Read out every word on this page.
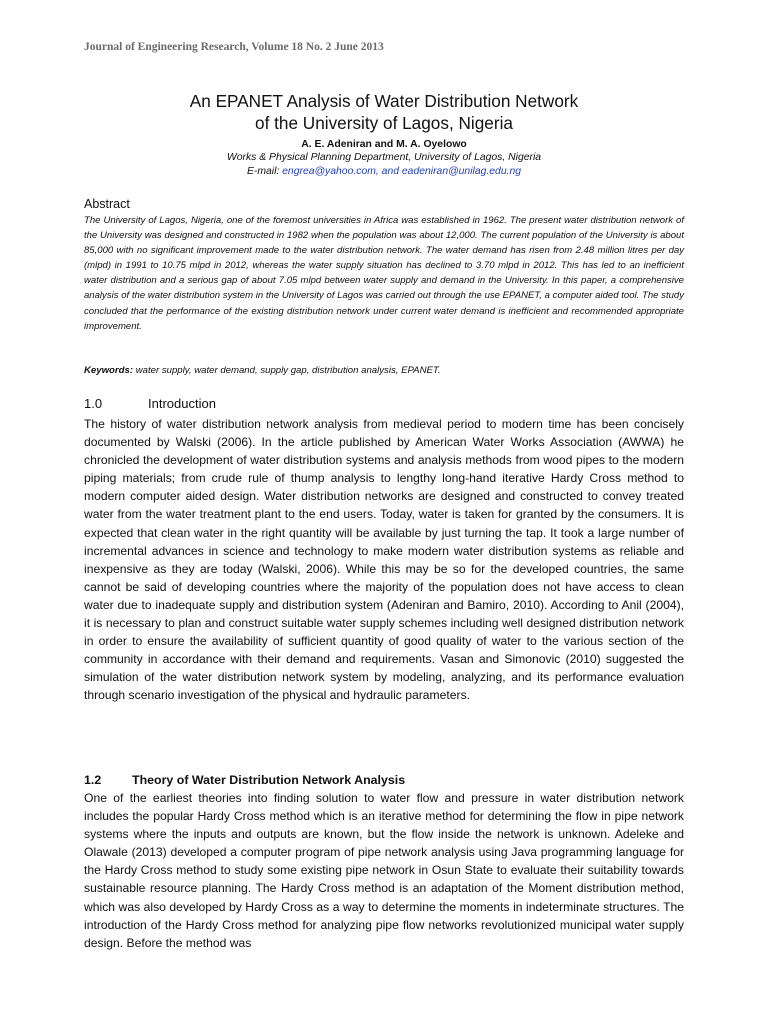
Journal of Engineering Research, Volume 18 No. 2 June 2013
An EPANET Analysis of Water Distribution Network
of the University of Lagos, Nigeria
A. E. Adeniran and M. A. Oyelowo
Works & Physical Planning Department, University of Lagos, Nigeria
E-mail: engrea@yahoo.com, and eadeniran@unilag.edu.ng
Abstract
The University of Lagos, Nigeria, one of the foremost universities in Africa was established in 1962. The present water distribution network of the University was designed and constructed in 1982 when the population was about 12,000. The current population of the University is about 85,000 with no significant improvement made to the water distribution network. The water demand has risen from 2.48 million litres per day (mlpd) in 1991 to 10.75 mlpd in 2012, whereas the water supply situation has declined to 3.70 mlpd in 2012. This has led to an inefficient water distribution and a serious gap of about 7.05 mlpd between water supply and demand in the University. In this paper, a comprehensive analysis of the water distribution system in the University of Lagos was carried out through the use EPANET, a computer aided tool. The study concluded that the performance of the existing distribution network under current water demand is inefficient and recommended appropriate improvement.
Keywords: water supply, water demand, supply gap, distribution analysis, EPANET.
1.0	Introduction
The history of water distribution network analysis from medieval period to modern time has been concisely documented by Walski (2006). In the article published by American Water Works Association (AWWA) he chronicled the development of water distribution systems and analysis methods from wood pipes to the modern piping materials; from crude rule of thump analysis to lengthy long-hand iterative Hardy Cross method to modern computer aided design. Water distribution networks are designed and constructed to convey treated water from the water treatment plant to the end users. Today, water is taken for granted by the consumers. It is expected that clean water in the right quantity will be available by just turning the tap. It took a large number of incremental advances in science and technology to make modern water distribution systems as reliable and inexpensive as they are today (Walski, 2006). While this may be so for the developed countries, the same cannot be said of developing countries where the majority of the population does not have access to clean water due to inadequate supply and distribution system (Adeniran and Bamiro, 2010). According to Anil (2004), it is necessary to plan and construct suitable water supply schemes including well designed distribution network in order to ensure the availability of sufficient quantity of good quality of water to the various section of the community in accordance with their demand and requirements. Vasan and Simonovic (2010) suggested the simulation of the water distribution network system by modeling, analyzing, and its performance evaluation through scenario investigation of the physical and hydraulic parameters.
1.2 Theory of Water Distribution Network Analysis
One of the earliest theories into finding solution to water flow and pressure in water distribution network includes the popular Hardy Cross method which is an iterative method for determining the flow in pipe network systems where the inputs and outputs are known, but the flow inside the network is unknown. Adeleke and Olawale (2013) developed a computer program of pipe network analysis using Java programming language for the Hardy Cross method to study some existing pipe network in Osun State to evaluate their suitability towards sustainable resource planning. The Hardy Cross method is an adaptation of the Moment distribution method, which was also developed by Hardy Cross as a way to determine the moments in indeterminate structures. The introduction of the Hardy Cross method for analyzing pipe flow networks revolutionized municipal water supply design. Before the method was
